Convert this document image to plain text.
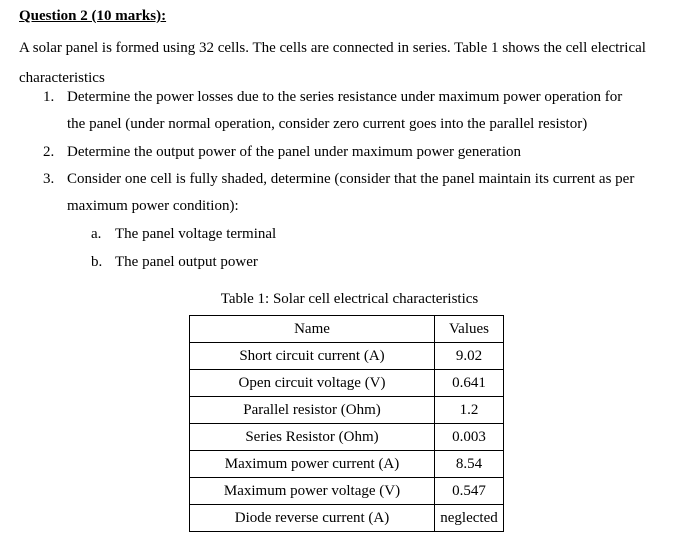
Question 2 (10 marks):
A solar panel is formed using 32 cells. The cells are connected in series. Table 1 shows the cell electrical characteristics
1. Determine the power losses due to the series resistance under maximum power operation for
the panel (under normal operation, consider zero current goes into the parallel resistor)
2. Determine the output power of the panel under maximum power generation
3. Consider one cell is fully shaded, determine (consider that the panel maintain its current as per
maximum power condition):
a. The panel voltage terminal
b. The panel output power
Table 1: Solar cell electrical characteristics
Name	Values
Short circuit current (A)	9.02
Open circuit voltage (V)	0.641
Parallel resistor (Ohm)	1.2
Series Resistor (Ohm)	0.003
Maximum power current (A)	8.54
Maximum power voltage (V)	0.547
Diode reverse current (A)	neglected
